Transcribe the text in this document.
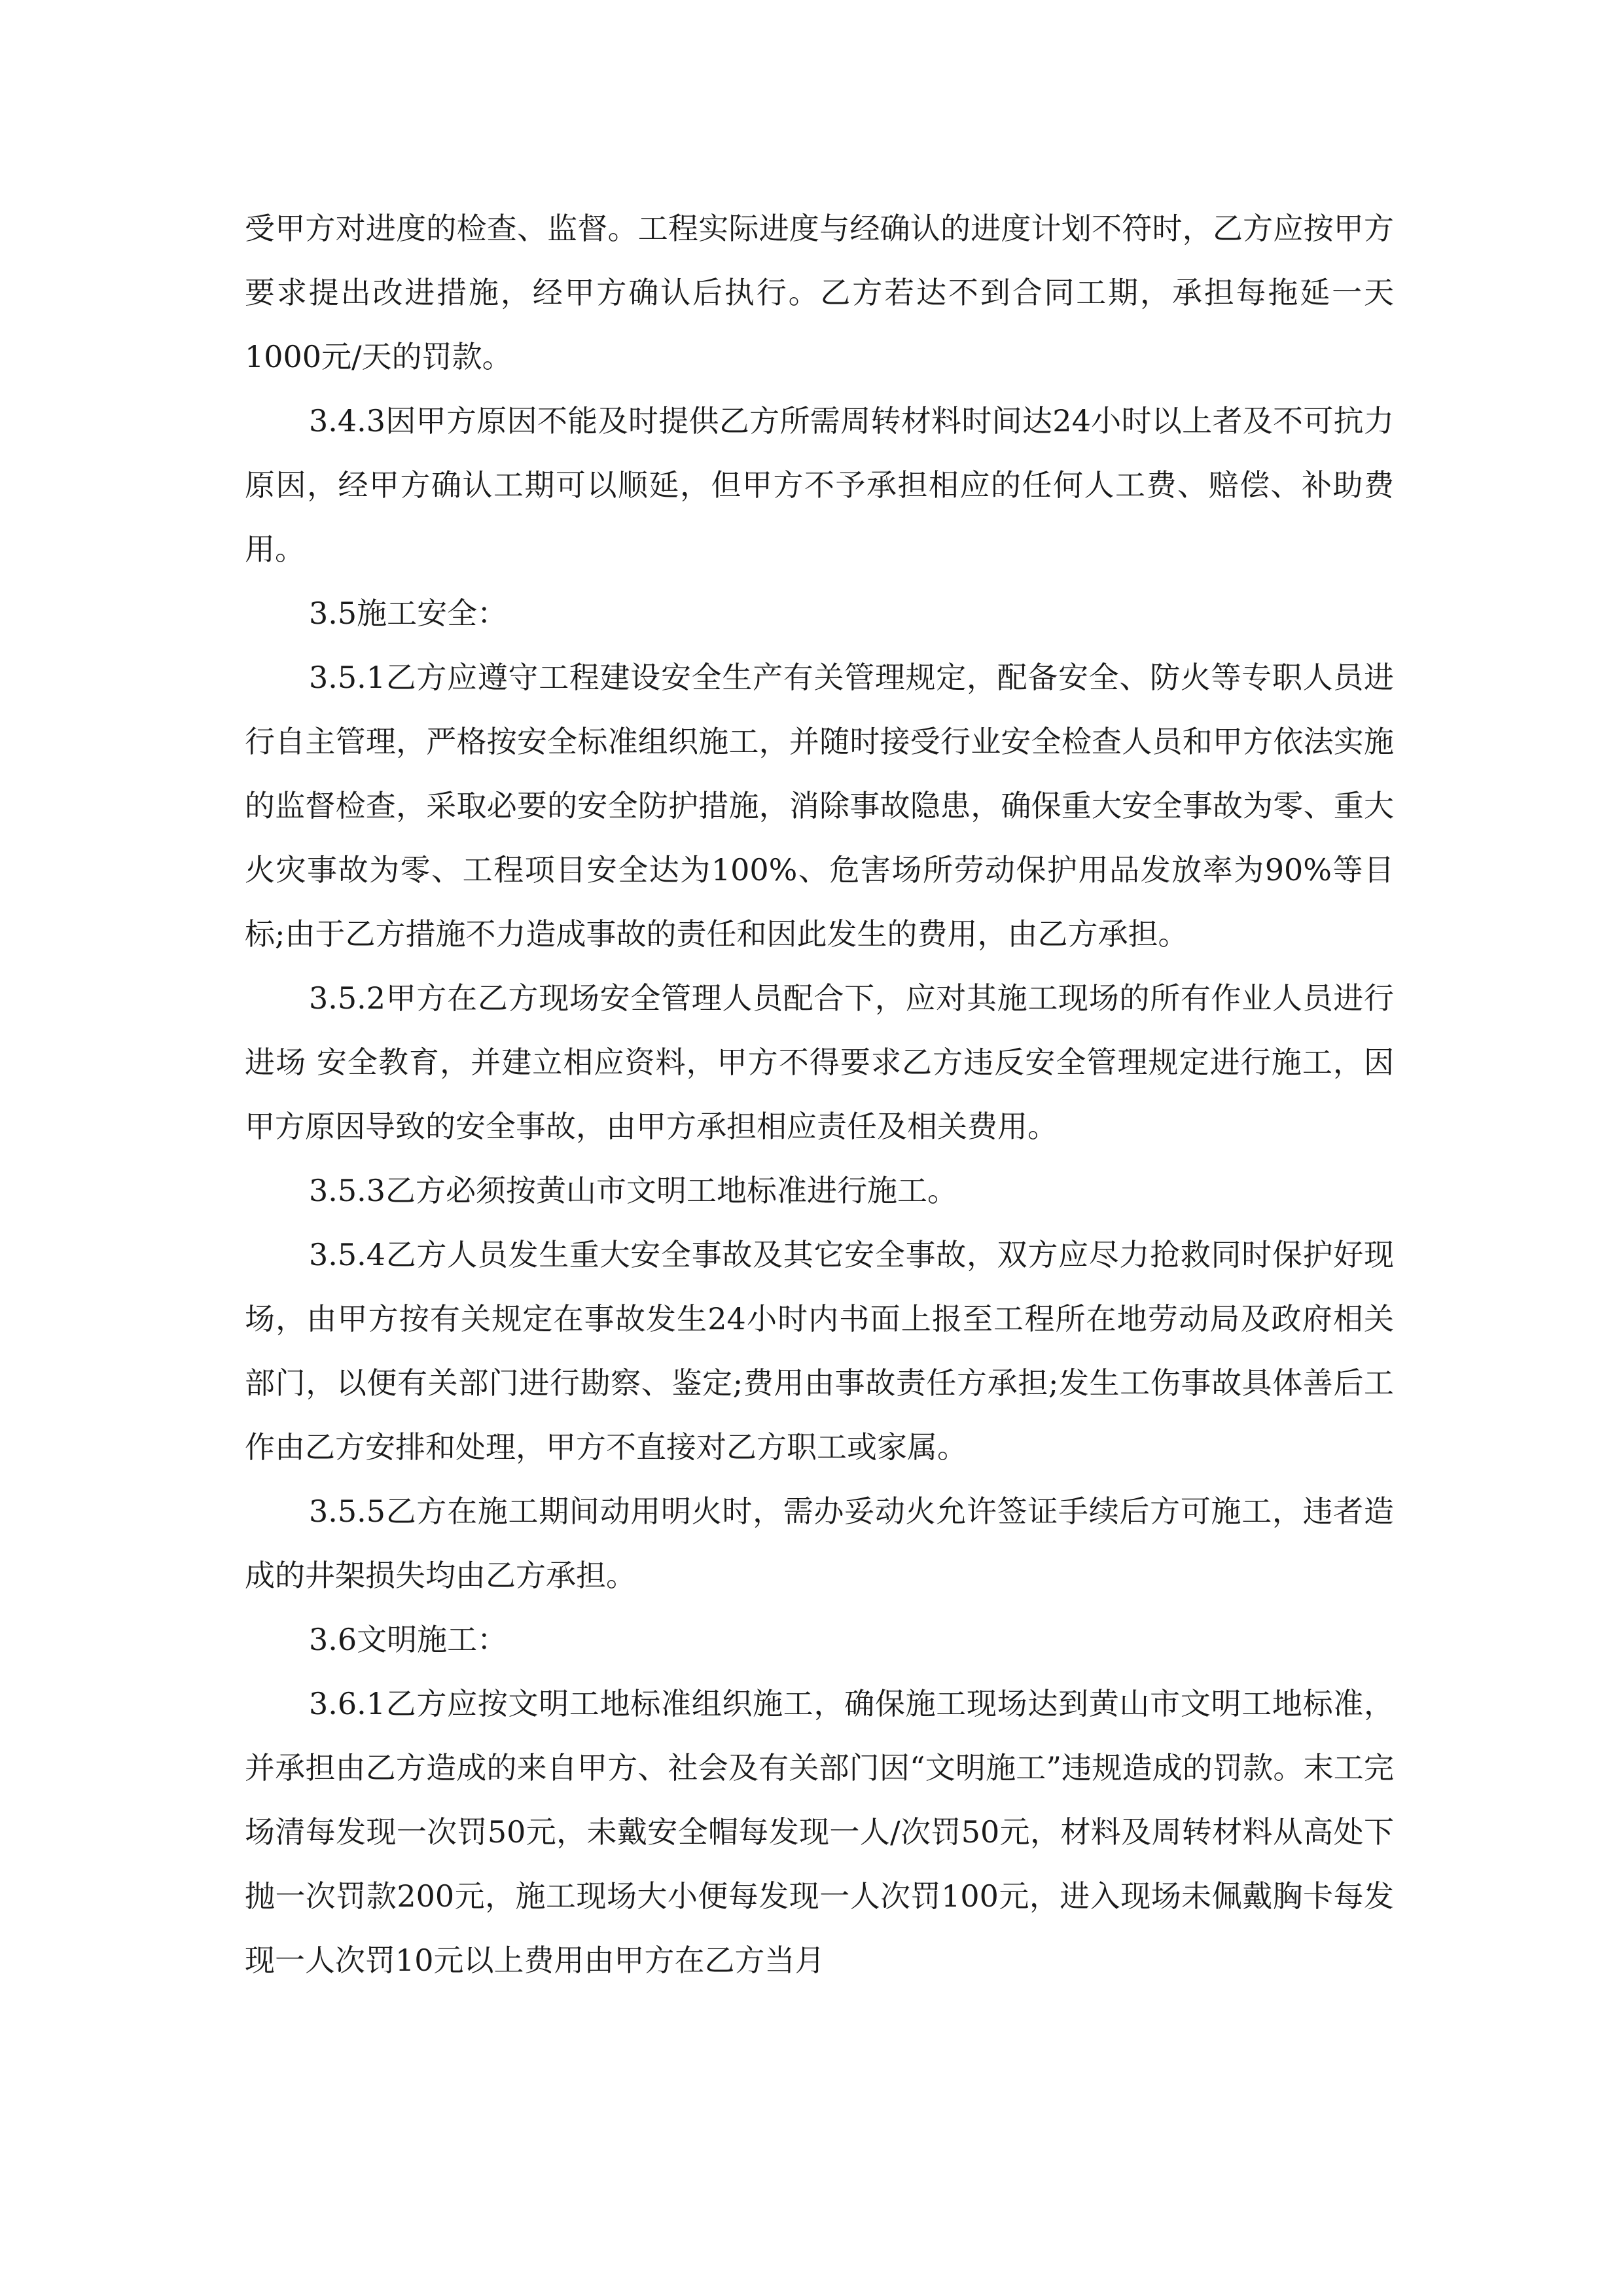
受甲方对进度的检查、监督。工程实际进度与经确认的进度计划不符时，乙方应按甲方要求提出改进措施，经甲方确认后执行。乙方若达不到合同工期，承担每拖延一天1000元/天的罚款。

3.4.3因甲方原因不能及时提供乙方所需周转材料时间达24小时以上者及不可抗力原因，经甲方确认工期可以顺延，但甲方不予承担相应的任何人工费、赔偿、补助费用。

3.5施工安全：

3.5.1乙方应遵守工程建设安全生产有关管理规定，配备安全、防火等专职人员进行自主管理，严格按安全标准组织施工，并随时接受行业安全检查人员和甲方依法实施的监督检查，采取必要的安全防护措施，消除事故隐患，确保重大安全事故为零、重大火灾事故为零、工程项目安全达为100%、危害场所劳动保护用品发放率为90%等目标;由于乙方措施不力造成事故的责任和因此发生的费用，由乙方承担。

3.5.2甲方在乙方现场安全管理人员配合下，应对其施工现场的所有作业人员进行进场 安全教育，并建立相应资料，甲方不得要求乙方违反安全管理规定进行施工，因甲方原因导致的安全事故，由甲方承担相应责任及相关费用。

3.5.3乙方必须按黄山市文明工地标准进行施工。

3.5.4乙方人员发生重大安全事故及其它安全事故，双方应尽力抢救同时保护好现场，由甲方按有关规定在事故发生24小时内书面上报至工程所在地劳动局及政府相关部门，以便有关部门进行勘察、鉴定;费用由事故责任方承担;发生工伤事故具体善后工作由乙方安排和处理，甲方不直接对乙方职工或家属。

3.5.5乙方在施工期间动用明火时，需办妥动火允许签证手续后方可施工，违者造成的井架损失均由乙方承担。

3.6文明施工：

3.6.1乙方应按文明工地标准组织施工，确保施工现场达到黄山市文明工地标准，并承担由乙方造成的来自甲方、社会及有关部门因“文明施工”违规造成的罚款。末工完场清每发现一次罚50元，未戴安全帽每发现一人/次罚50元，材料及周转材料从高处下抛一次罚款200元，施工现场大小便每发现一人次罚100元，进入现场未佩戴胸卡每发现一人次罚10元以上费用由甲方在乙方当月
